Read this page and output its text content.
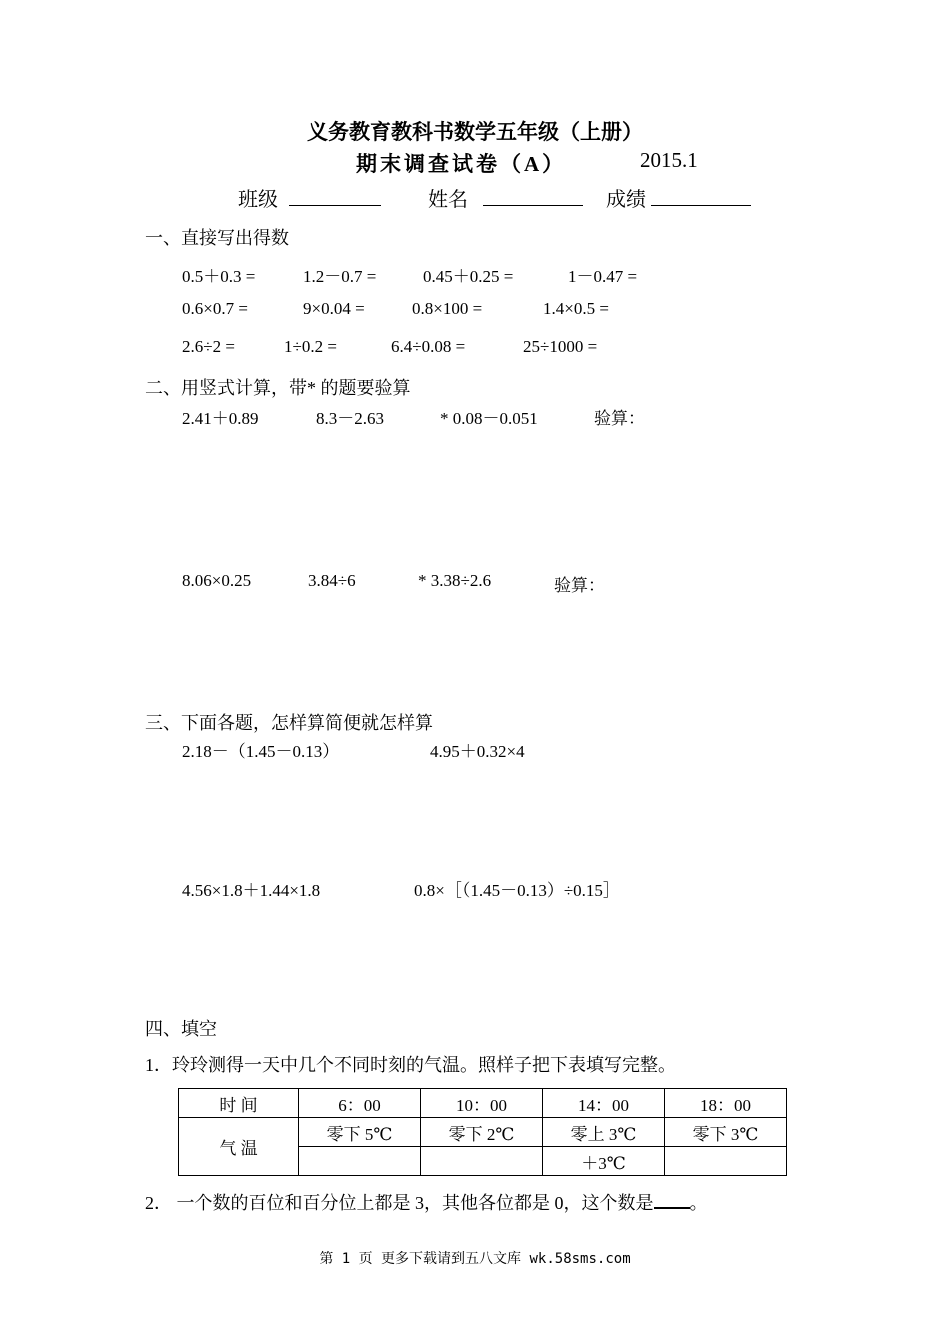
义务教育教科书数学五年级（上册）
期末调查试卷（A）	2015.1
班级	姓名	成绩
一、直接写出得数
0.5＋0.3 =	1.2－0.7 =	0.45＋0.25 =	1－0.47 =
0.6×0.7 =	9×0.04 =	0.8×100 =	1.4×0.5 =
2.6÷2 =	1÷0.2 =	6.4÷0.08 =	25÷1000 =
二、用竖式计算，带* 的题要验算
2.41＋0.89	8.3－2.63	* 0.08－0.051	验算：
8.06×0.25	3.84÷6	* 3.38÷2.6	验算：
三、下面各题，怎样算简便就怎样算
2.18－（1.45－0.13）	4.95＋0.32×4
4.56×1.8＋1.44×1.8	0.8×［（1.45－0.13）÷0.15］
四、填空
1．玲玲测得一天中几个不同时刻的气温。照样子把下表填写完整。
时 间	6：00	10：00	14：00	18：00
气 温	零下 5℃	零下 2℃	零上 3℃	零下 3℃
			＋3℃	
2． 一个数的百位和百分位上都是 3，其他各位都是 0，这个数是 。
第 1 页 更多下载请到五八文库 wk.58sms.com
